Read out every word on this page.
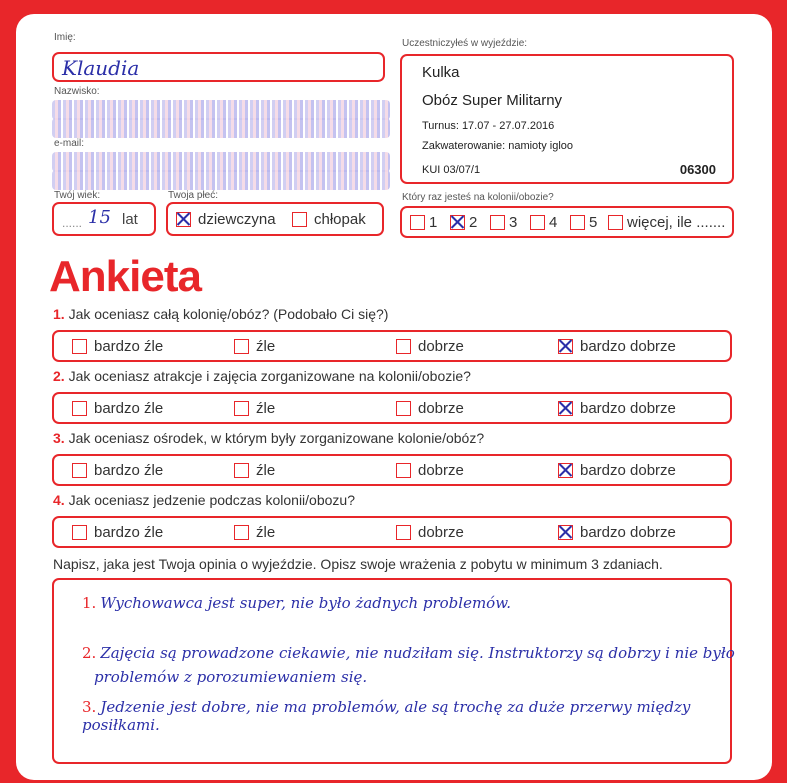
Imię:
Klaudia
Nazwisko:
e-mail:
Twój wiek:
...... 15 lat
Twoja płeć:
dziewczyna	chłopak
Uczestniczyłeś w wyjeździe:
Kulka
Obóz Super Militarny
Turnus: 17.07 - 27.07.2016
Zakwaterowanie: namioty igloo
KUI 03/07/1	06300
Który raz jesteś na kolonii/obozie?
1 2 3 4 5 więcej, ile .......
Ankieta
1. Jak oceniasz całą kolonię/obóz? (Podobało Ci się?)
bardzo źle	źle	dobrze	bardzo dobrze
2. Jak oceniasz atrakcje i zajęcia zorganizowane na kolonii/obozie?
bardzo źle	źle	dobrze	bardzo dobrze
3. Jak oceniasz ośrodek, w którym były zorganizowane kolonie/obóz?
bardzo źle	źle	dobrze	bardzo dobrze
4. Jak oceniasz jedzenie podczas kolonii/obozu?
bardzo źle	źle	dobrze	bardzo dobrze
Napisz, jaka jest Twoja opinia o wyjeździe. Opisz swoje wrażenia z pobytu w minimum 3 zdaniach.
1. Wychowawca jest super, nie było żadnych problemów.
2. Zajęcia są prowadzone ciekawie, nie nudziłam się. Instruktorzy są dobrzy i nie było
problemów z porozumiewaniem się.
3. Jedzenie jest dobre, nie ma problemów, ale są trochę za duże przerwy między posiłkami.
